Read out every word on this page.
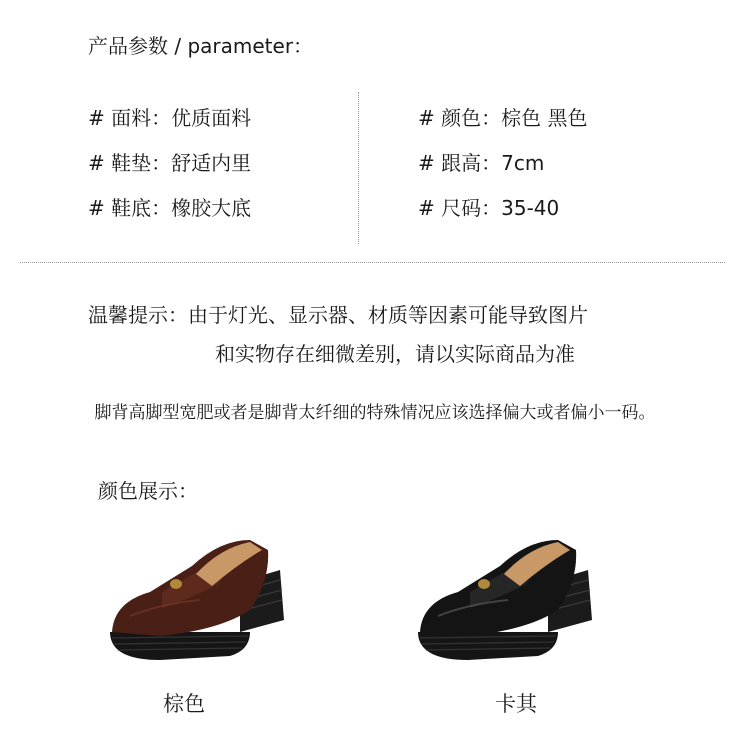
产品参数 / parameter：
# 面料：优质面料
# 鞋垫：舒适内里
# 鞋底：橡胶大底
# 颜色：棕色 黑色
# 跟高：7cm
# 尺码：35-40
温馨提示：由于灯光、显示器、材质等因素可能导致图片
和实物存在细微差别，请以实际商品为准
脚背高脚型宽肥或者是脚背太纤细的特殊情况应该选择偏大或者偏小一码。
颜色展示：
棕色	卡其
